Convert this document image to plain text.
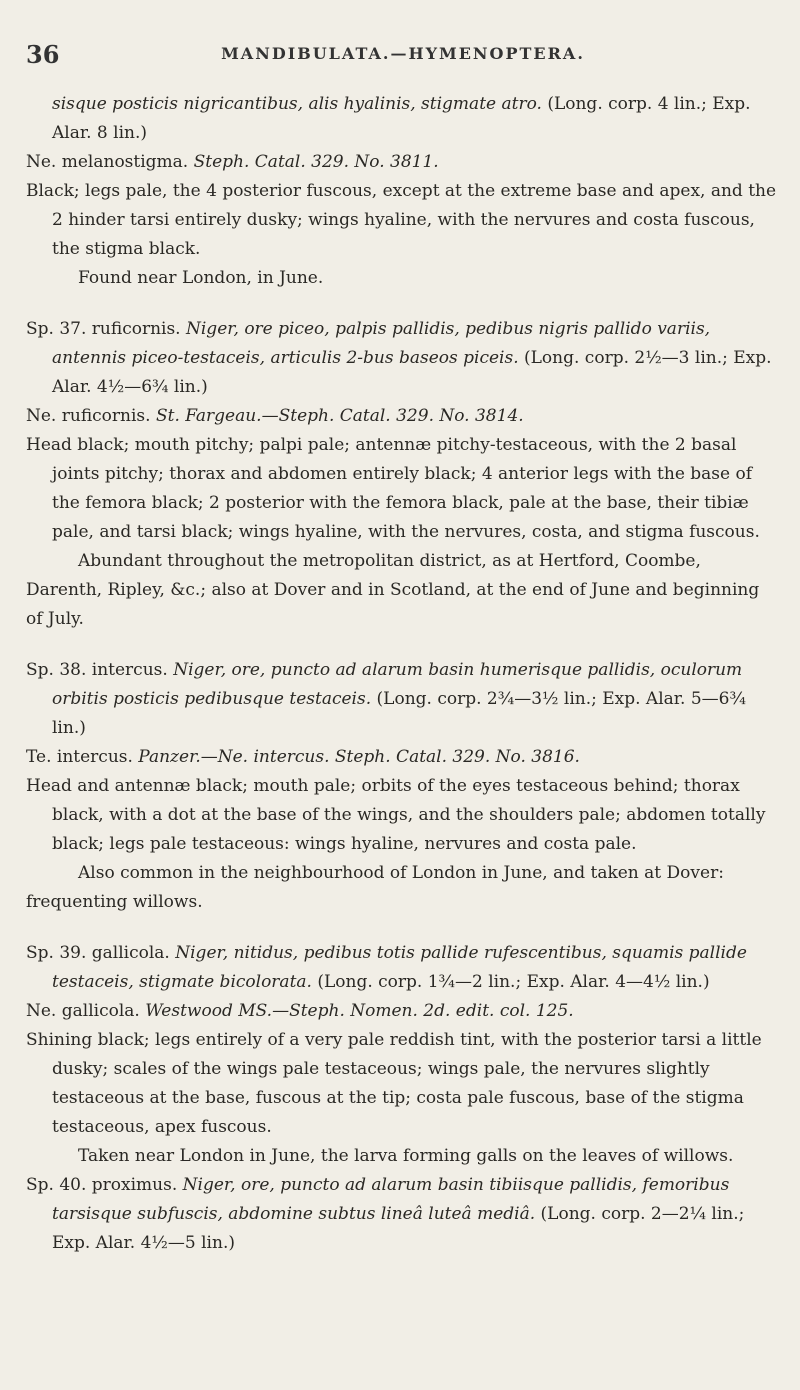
36	MANDIBULATA.—HYMENOPTERA.

sisque posticis nigricantibus, alis hyalinis, stigmate atro. (Long. corp. 4 lin.; Exp. Alar. 8 lin.)

Ne. melanostigma. Steph. Catal. 329. No. 3811.

Black; legs pale, the 4 posterior fuscous, except at the extreme base and apex, and the 2 hinder tarsi entirely dusky; wings hyaline, with the nervures and costa fuscous, the stigma black.

Found near London, in June.

Sp. 37. ruficornis. Niger, ore piceo, palpis pallidis, pedibus nigris pallido variis, antennis piceo-testaceis, articulis 2-bus baseos piceis. (Long. corp. 2½—3 lin.; Exp. Alar. 4½—6¾ lin.)

Ne. ruficornis. St. Fargeau.—Steph. Catal. 329. No. 3814.

Head black; mouth pitchy; palpi pale; antennæ pitchy-testaceous, with the 2 basal joints pitchy; thorax and abdomen entirely black; 4 anterior legs with the base of the femora black; 2 posterior with the femora black, pale at the base, their tibiæ pale, and tarsi black; wings hyaline, with the nervures, costa, and stigma fuscous.

Abundant throughout the metropolitan district, as at Hertford, Coombe, Darenth, Ripley, &c.; also at Dover and in Scotland, at the end of June and beginning of July.

Sp. 38. intercus. Niger, ore, puncto ad alarum basin humerisque pallidis, oculorum orbitis posticis pedibusque testaceis. (Long. corp. 2¾—3½ lin.; Exp. Alar. 5—6¾ lin.)

Te. intercus. Panzer.—Ne. intercus. Steph. Catal. 329. No. 3816.

Head and antennæ black; mouth pale; orbits of the eyes testaceous behind; thorax black, with a dot at the base of the wings, and the shoulders pale; abdomen totally black; legs pale testaceous: wings hyaline, nervures and costa pale.

Also common in the neighbourhood of London in June, and taken at Dover: frequenting willows.

Sp. 39. gallicola. Niger, nitidus, pedibus totis pallide rufescentibus, squamis pallide testaceis, stigmate bicolorata. (Long. corp. 1¾—2 lin.; Exp. Alar. 4—4½ lin.)

Ne. gallicola. Westwood MS.—Steph. Nomen. 2d. edit. col. 125.

Shining black; legs entirely of a very pale reddish tint, with the posterior tarsi a little dusky; scales of the wings pale testaceous; wings pale, the nervures slightly testaceous at the base, fuscous at the tip; costa pale fuscous, base of the stigma testaceous, apex fuscous.

Taken near London in June, the larva forming galls on the leaves of willows.

Sp. 40. proximus. Niger, ore, puncto ad alarum basin tibiisque pallidis, femoribus tarsisque subfuscis, abdomine subtus lineâ luteâ mediâ. (Long. corp. 2—2¼ lin.; Exp. Alar. 4½—5 lin.)
